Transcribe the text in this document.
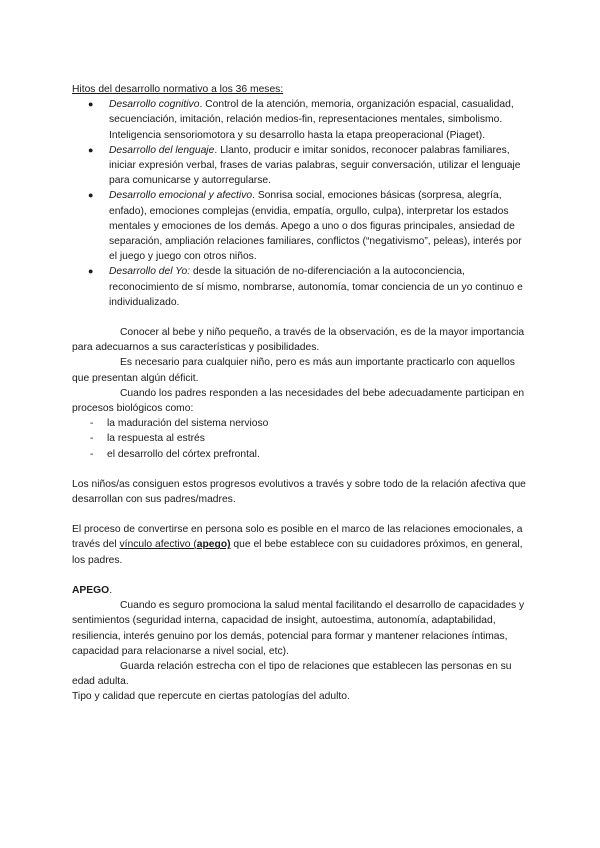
Hitos del desarrollo normativo a los 36 meses:

● Desarrollo cognitivo. Control de la atención, memoria, organización espacial, casualidad, secuenciación, imitación, relación medios-fin, representaciones mentales, simbolismo. Inteligencia sensoriomotora y su desarrollo hasta la etapa preoperacional (Piaget).
● Desarrollo del lenguaje. Llanto, producir e imitar sonidos, reconocer palabras familiares, iniciar expresión verbal, frases de varias palabras, seguir conversación, utilizar el lenguaje para comunicarse y autorregularse.
● Desarrollo emocional y afectivo. Sonrisa social, emociones básicas (sorpresa, alegría, enfado), emociones complejas (envidia, empatía, orgullo, culpa), interpretar los estados mentales y emociones de los demás. Apego a uno o dos figuras principales, ansiedad de separación, ampliación relaciones familiares, conflictos (“negativismo”, peleas), interés por el juego y juego con otros niños.
● Desarrollo del Yo: desde la situación de no-diferenciación a la autoconciencia, reconocimiento de sí mismo, nombrarse, autonomía, tomar conciencia de un yo continuo e individualizado.

Conocer al bebe y niño pequeño, a través de la observación, es de la mayor importancia para adecuarnos a sus características y posibilidades.

Es necesario para cualquier niño, pero es más aun importante practicarlo con aquellos que presentan algún déficit.

Cuando los padres responden a las necesidades del bebe adecuadamente participan en procesos biológicos como:

- la maduración del sistema nervioso
- la respuesta al estrés
- el desarrollo del córtex prefrontal.

Los niños/as consiguen estos progresos evolutivos a través y sobre todo de la relación afectiva que desarrollan con sus padres/madres.

El proceso de convertirse en persona solo es posible en el marco de las relaciones emocionales, a través del vínculo afectivo (apego) que el bebe establece con su cuidadores próximos, en general, los padres.

APEGO.

Cuando es seguro promociona la salud mental facilitando el desarrollo de capacidades y sentimientos (seguridad interna, capacidad de insight, autoestima, autonomía, adaptabilidad, resiliencia, interés genuino por los demás, potencial para formar y mantener relaciones íntimas, capacidad para relacionarse a nivel social, etc).

Guarda relación estrecha con el tipo de relaciones que establecen las personas en su edad adulta.

Tipo y calidad que repercute en ciertas patologías del adulto.
